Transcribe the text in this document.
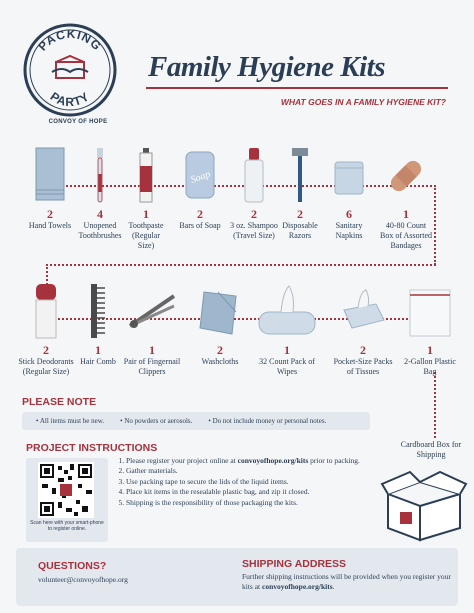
PACKING
PARTY
CONVOY OF HOPE
Family Hygiene Kits
WHAT GOES IN A FAMILY HYGIENE KIT?
2
Hand Towels
4
Unopened Toothbrushes
1
Toothpaste (Regular Size)
Soap
2
Bars of Soap
2
3 oz. Shampoo (Travel Size)
2
Disposable Razors
6
Sanitary Napkins
1
40-80 Count Box of Assorted Bandages
2
Stick Deodorants (Regular Size)
1
Hair Comb
1
Pair of Fingernail Clippers
2
Washcloths
1
32 Count Pack of Wipes
2
Pocket-Size Packs of Tissues
1
2-Gallon Plastic Bag
PLEASE NOTE
• All items must be new. • No powders or aerosols. • Do not include money or personal notes.
PROJECT INSTRUCTIONS
Scan here with your smart-phone to register online.
1. Please register your project online at convoyofhope.org/kits prior to packing.
2. Gather materials.
3. Use packing tape to secure the lids of the liquid items.
4. Place kit items in the resealable plastic bag, and zip it closed.
5. Shipping is the responsibility of those packaging the kits.
Cardboard Box for Shipping
QUESTIONS?
volunteer@convoyofhope.org
SHIPPING ADDRESS
Further shipping instructions will be provided when you register your kits at convoyofhope.org/kits.
